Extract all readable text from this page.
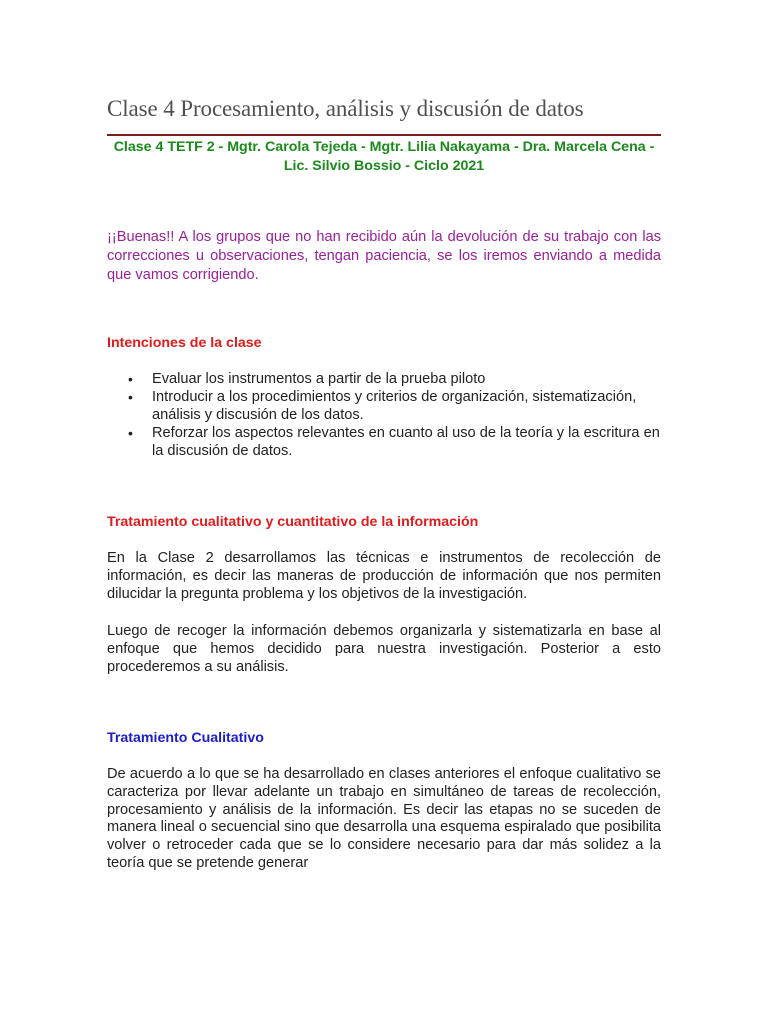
Clase 4 Procesamiento, análisis y discusión de datos

Clase 4 TETF 2 - Mgtr. Carola Tejeda - Mgtr. Lilia Nakayama - Dra. Marcela Cena - Lic. Silvio Bossio - Ciclo 2021

¡¡Buenas!! A los grupos que no han recibido aún la devolución de su trabajo con las correcciones u observaciones, tengan paciencia, se los iremos enviando a medida que vamos corrigiendo.

Intenciones de la clase
• Evaluar los instrumentos a partir de la prueba piloto
• Introducir a los procedimientos y criterios de organización, sistematización, análisis y discusión de los datos.
• Reforzar los aspectos relevantes en cuanto al uso de la teoría y la escritura en la discusión de datos.
Tratamiento cualitativo y cuantitativo de la información

En la Clase 2 desarrollamos las técnicas e instrumentos de recolección de información, es decir las maneras de producción de información que nos permiten dilucidar la pregunta problema y los objetivos de la investigación.

Luego de recoger la información debemos organizarla y sistematizarla en base al enfoque que hemos decidido para nuestra investigación. Posterior a esto procederemos a su análisis.

Tratamiento Cualitativo

De acuerdo a lo que se ha desarrollado en clases anteriores el enfoque cualitativo se caracteriza por llevar adelante un trabajo en simultáneo de tareas de recolección, procesamiento y análisis de la información. Es decir las etapas no se suceden de manera lineal o secuencial sino que desarrolla una esquema espiralado que posibilita volver o retroceder cada que se lo considere necesario para dar más solidez a la teoría que se pretende generar
